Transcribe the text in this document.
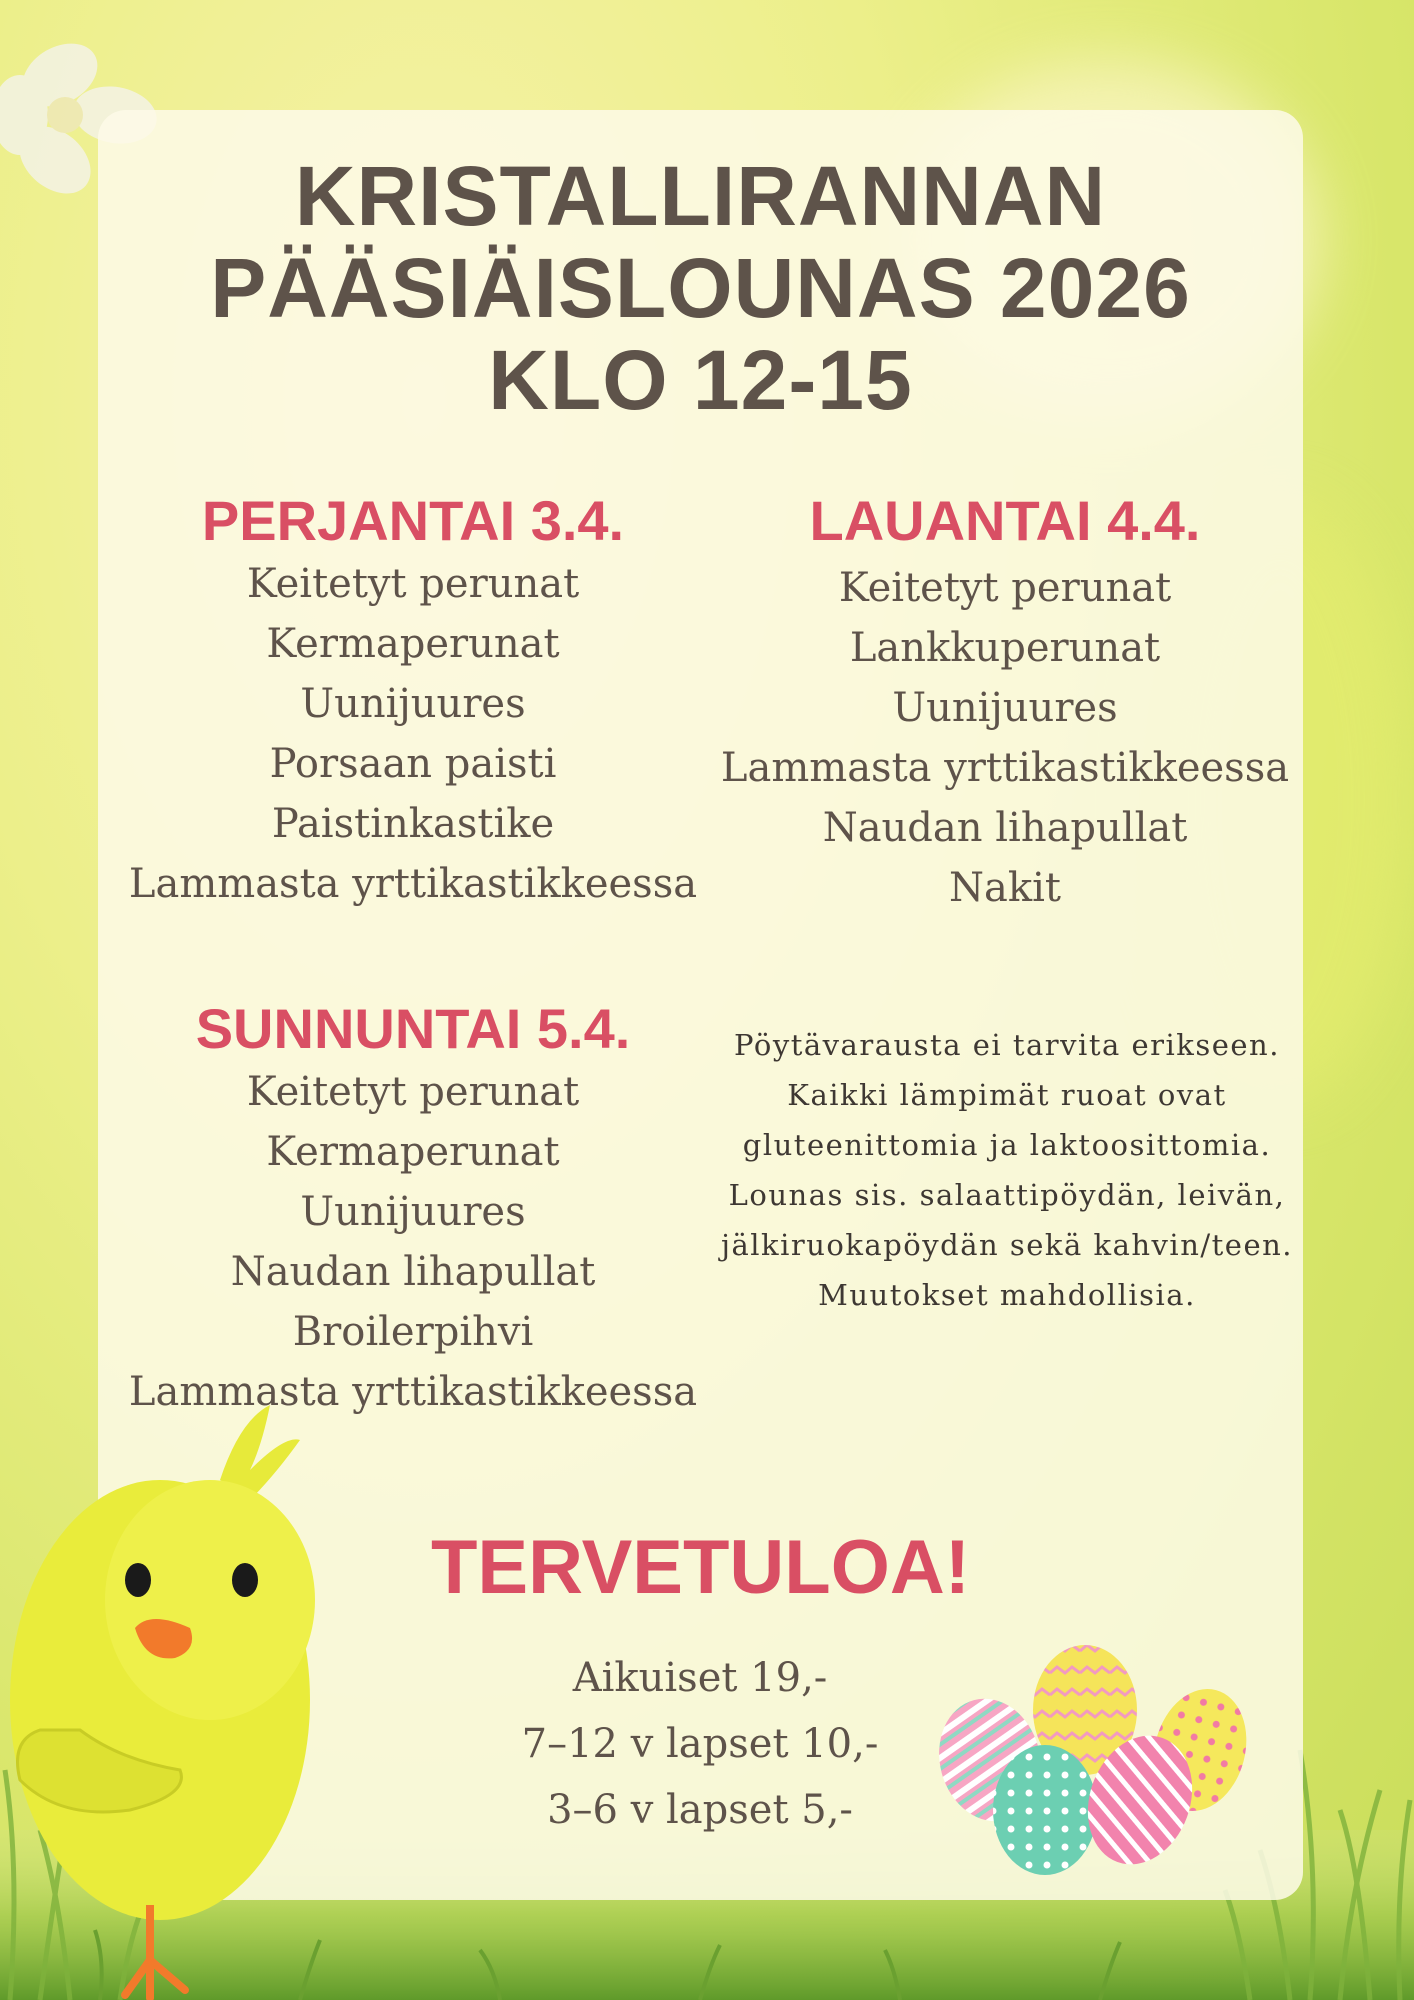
KRISTALLIRANNAN
PÄÄSIÄISLOUNAS 2026
KLO 12-15
PERJANTAI 3.4.
Keitetyt perunat
Kermaperunat
Uunijuures
Porsaan paisti
Paistinkastike
Lammasta yrttikastikkeessa
LAUANTAI 4.4.
Keitetyt perunat
Lankkuperunat
Uunijuures
Lammasta yrttikastikkeessa
Naudan lihapullat
Nakit
SUNNUNTAI 5.4.
Keitetyt perunat
Kermaperunat
Uunijuures
Naudan lihapullat
Broilerpihvi
Lammasta yrttikastikkeessa

Pöytävarausta ei tarvita erikseen. Kaikki lämpimät ruoat ovat gluteenittomia ja laktoosittomia.

Lounas sis. salaattipöydän, leivän, jälkiruokapöydän sekä kahvin/teen.

Muutokset mahdollisia.

TERVETULOA!
Aikuiset 19,-
7–12 v lapset 10,-
3–6 v lapset 5,-
